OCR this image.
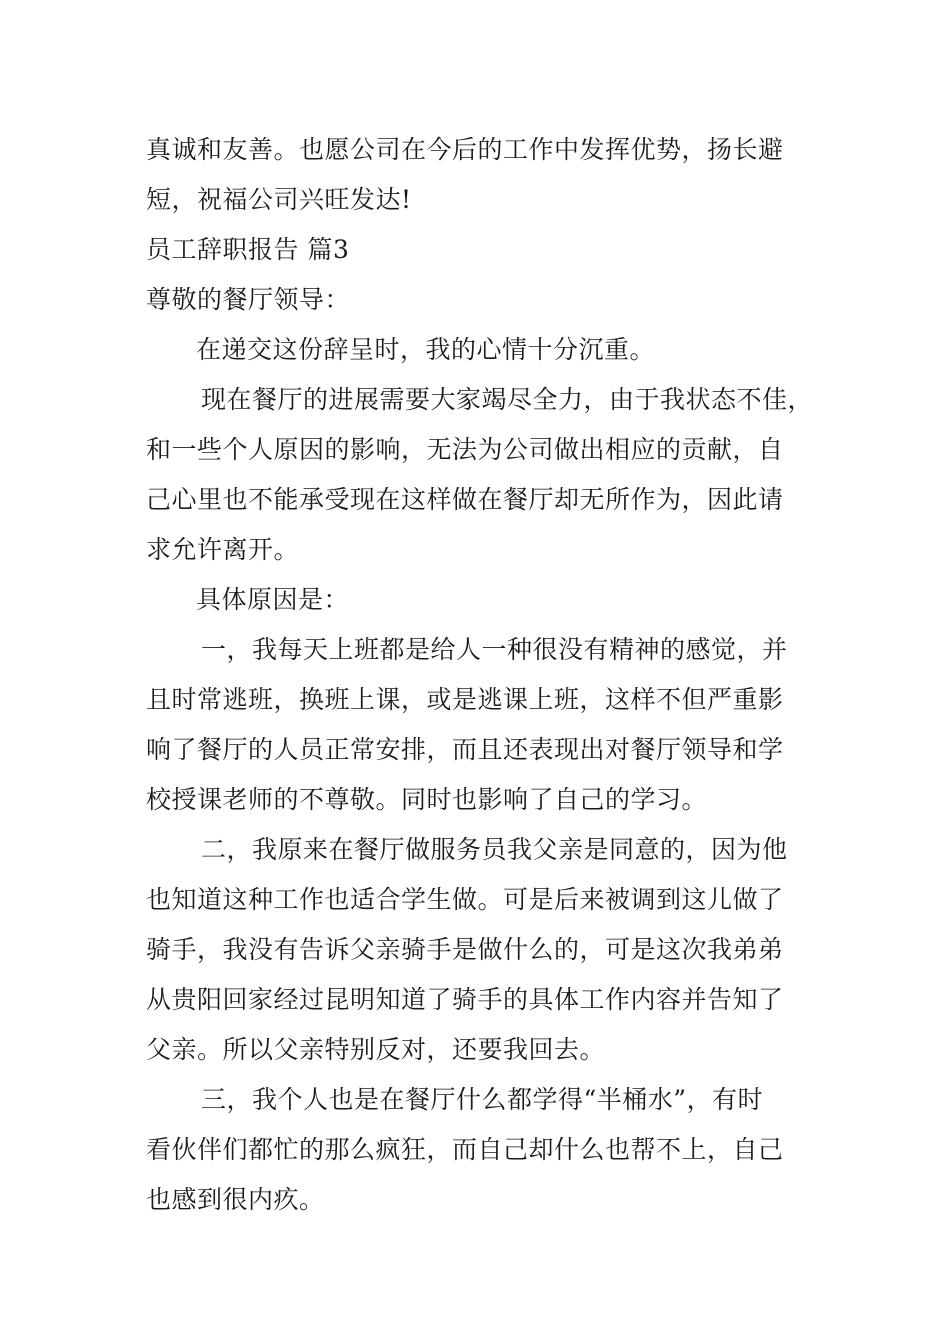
真诚和友善。也愿公司在今后的工作中发挥优势，扬长避
短，祝福公司兴旺发达!
员工辞职报告 篇3
尊敬的餐厅领导：
在递交这份辞呈时，我的心情十分沉重。
现在餐厅的进展需要大家竭尽全力，由于我状态不佳，
和一些个人原因的影响，无法为公司做出相应的贡献，自
己心里也不能承受现在这样做在餐厅却无所作为，因此请
求允许离开。
具体原因是：
一，我每天上班都是给人一种很没有精神的感觉，并
且时常逃班，换班上课，或是逃课上班，这样不但严重影
响了餐厅的人员正常安排，而且还表现出对餐厅领导和学
校授课老师的不尊敬。同时也影响了自己的学习。
二，我原来在餐厅做服务员我父亲是同意的，因为他
也知道这种工作也适合学生做。可是后来被调到这儿做了
骑手，我没有告诉父亲骑手是做什么的，可是这次我弟弟
从贵阳回家经过昆明知道了骑手的具体工作内容并告知了
父亲。所以父亲特别反对，还要我回去。
三，我个人也是在餐厅什么都学得“半桶水”，有时
看伙伴们都忙的那么疯狂，而自己却什么也帮不上，自己
也感到很内疚。
